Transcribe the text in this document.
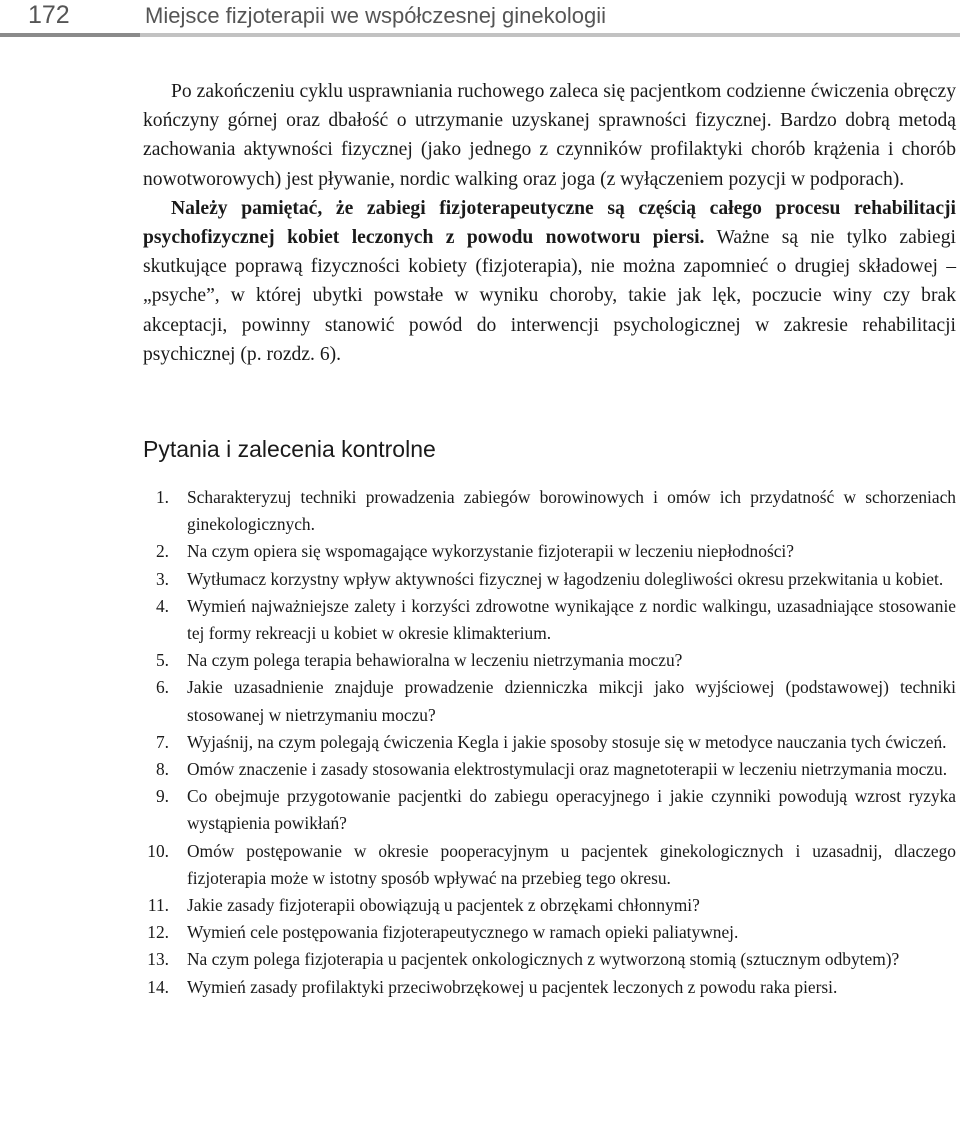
172	Miejsce fizjoterapii we współczesnej ginekologii

Po zakończeniu cyklu usprawniania ruchowego zaleca się pacjentkom codzienne ćwiczenia obręczy kończyny górnej oraz dbałość o utrzymanie uzyskanej sprawności fizycznej. Bardzo dobrą metodą zachowania aktywności fizycznej (jako jednego z czynników profilaktyki chorób krążenia i chorób nowotworowych) jest pływanie, nordic walking oraz joga (z wyłączeniem pozycji w podporach).

Należy pamiętać, że zabiegi fizjoterapeutyczne są częścią całego procesu rehabilitacji psychofizycznej kobiet leczonych z powodu nowotworu piersi. Ważne są nie tylko zabiegi skutkujące poprawą fizyczności kobiety (fizjoterapia), nie można zapomnieć o drugiej składowej – „psyche”, w której ubytki powstałe w wyniku choroby, takie jak lęk, poczucie winy czy brak akceptacji, powinny stanowić powód do interwencji psychologicznej w zakresie rehabilitacji psychicznej (p. rozdz. 6).

Pytania i zalecenia kontrolne
1. Scharakteryzuj techniki prowadzenia zabiegów borowinowych i omów ich przydatność w schorzeniach ginekologicznych.
2. Na czym opiera się wspomagające wykorzystanie fizjoterapii w leczeniu niepłodności?
3. Wytłumacz korzystny wpływ aktywności fizycznej w łagodzeniu dolegliwości okresu przekwitania u kobiet.
4. Wymień najważniejsze zalety i korzyści zdrowotne wynikające z nordic walkingu, uzasadniające stosowanie tej formy rekreacji u kobiet w okresie klimakterium.
5. Na czym polega terapia behawioralna w leczeniu nietrzymania moczu?
6. Jakie uzasadnienie znajduje prowadzenie dzienniczka mikcji jako wyjściowej (podstawowej) techniki stosowanej w nietrzymaniu moczu?
7. Wyjaśnij, na czym polegają ćwiczenia Kegla i jakie sposoby stosuje się w metodyce nauczania tych ćwiczeń.
8. Omów znaczenie i zasady stosowania elektrostymulacji oraz magnetoterapii w leczeniu nietrzymania moczu.
9. Co obejmuje przygotowanie pacjentki do zabiegu operacyjnego i jakie czynniki powodują wzrost ryzyka wystąpienia powikłań?
10. Omów postępowanie w okresie pooperacyjnym u pacjentek ginekologicznych i uzasadnij, dlaczego fizjoterapia może w istotny sposób wpływać na przebieg tego okresu.
11. Jakie zasady fizjoterapii obowiązują u pacjentek z obrzękami chłonnymi?
12. Wymień cele postępowania fizjoterapeutycznego w ramach opieki paliatywnej.
13. Na czym polega fizjoterapia u pacjentek onkologicznych z wytworzoną stomią (sztucznym odbytem)?
14. Wymień zasady profilaktyki przeciwobrzękowej u pacjentek leczonych z powodu raka piersi.
